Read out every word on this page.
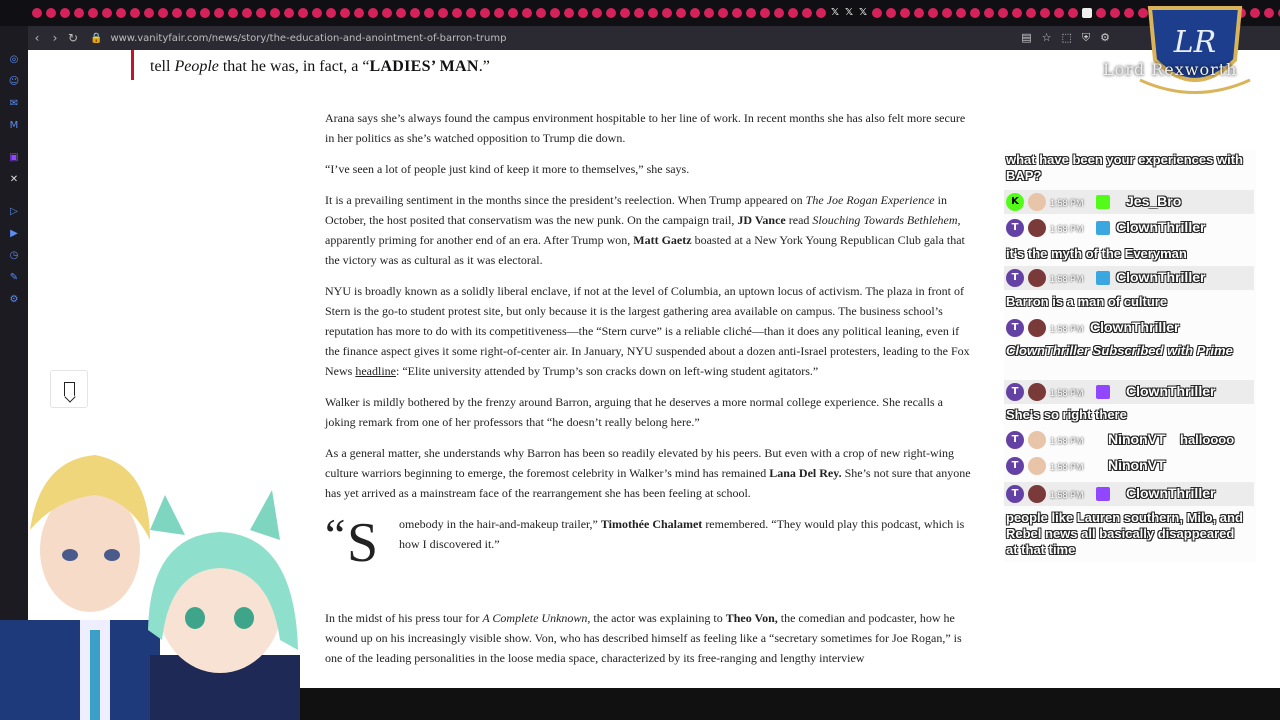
𝕏 𝕏 𝕏
‹	› ↻	🔒 www.vanityfair.com/news/story/the-education-and-anointment-of-barron-trump	▤ ☆ ⬚ ⛨ ⚙
◎
☺
✉
M
▣
✕
▷
▶
◷
✎
⚙
tell People that he was, in fact, a “LADIES’ MAN.”

Arana says she’s always found the campus environment hospitable to her line of work. In recent months she has also felt more secure in her politics as she’s watched opposition to Trump die down.

“I’ve seen a lot of people just kind of keep it more to themselves,” she says.

It is a prevailing sentiment in the months since the president’s reelection. When Trump appeared on The Joe Rogan Experience in October, the host posited that conservatism was the new punk. On the campaign trail, JD Vance read Slouching Towards Bethlehem, apparently priming for another end of an era. After Trump won, Matt Gaetz boasted at a New York Young Republican Club gala that the victory was as cultural as it was electoral.

NYU is broadly known as a solidly liberal enclave, if not at the level of Columbia, an uptown locus of activism. The plaza in front of Stern is the go-to student protest site, but only because it is the largest gathering area available on campus. The business school’s reputation has more to do with its competitiveness—the “Stern curve” is a reliable cliché—than it does any political leaning, even if the finance aspect gives it some right-of-center air. In January, NYU suspended about a dozen anti-Israel protesters, leading to the Fox News headline: “Elite university attended by Trump’s son cracks down on left-wing student agitators.”

Walker is mildly bothered by the frenzy around Barron, arguing that he deserves a more normal college experience. She recalls a joking remark from one of her professors that “he doesn’t really belong here.”

As a general matter, she understands why Barron has been so readily elevated by his peers. But even with a crop of new right-wing culture warriors beginning to emerge, the foremost celebrity in Walker’s mind has remained Lana Del Rey. She’s not sure that anyone has yet arrived as a mainstream face of the rearrangement she has been feeling at school.

“ S omebody in the hair-and-makeup trailer,” Timothée Chalamet remembered. “They would play this podcast, which is how I discovered it.”

In the midst of his press tour for A Complete Unknown, the actor was explaining to Theo Von, the comedian and podcaster, how he wound up on his increasingly visible show. Von, who has described himself as feeling like a “secretary sometimes for Joe Rogan,” is one of the leading personalities in the loose media space, characterized by its free-ranging and lengthy interview

LR
Lord Rexworth
what have been your experiences with BAP?
K	1:58 PM	Jes_Bro
T	1:58 PM ClownThriller
it's the myth of the Everyman
T	1:58 PM ClownThriller
Barron is a man of culture
T	1:58 PM ClownThriller
ClownThriller Subscribed with Prime
T	1:58 PM	ClownThriller
She's so right there
T	1:58 PM NinonVT halloooo
T	1:58 PM NinonVT
T	1:58 PM	ClownThriller
people like Lauren southern, Milo, and Rebel news all basically disappeared at that time
